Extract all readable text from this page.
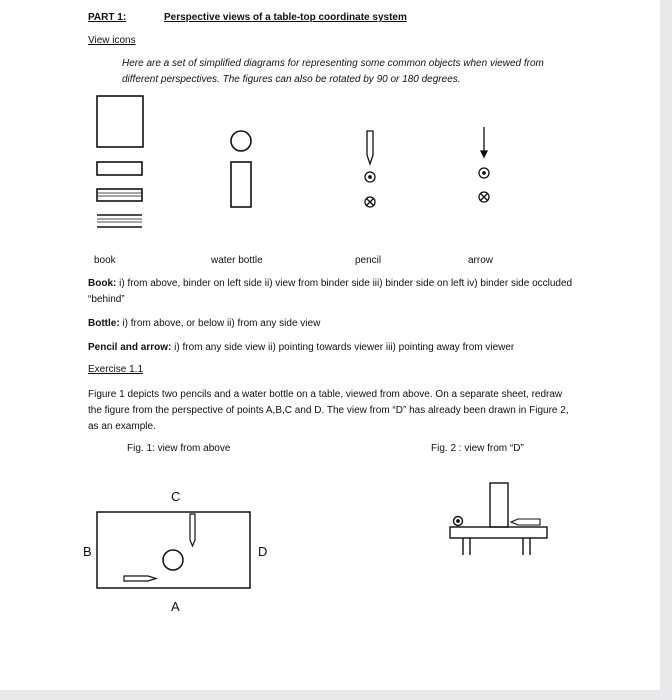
PART 1:	Perspective views of a table-top coordinate system
View icons
Here are a set of simplified diagrams for representing some common objects when viewed from different perspectives. The figures can also be rotated by 90 or 180 degrees.
book	water bottle	pencil	arrow
Book: i) from above, binder on left side ii) view from binder side iii) binder side on left iv) binder side occluded “behind”
Bottle: i) from above, or below ii) from any side view
Pencil and arrow: i) from any side view ii) pointing towards viewer iii) pointing away from viewer
Exercise 1.1
Figure 1 depicts two pencils and a water bottle on a table, viewed from above. On a separate sheet, redraw the figure from the perspective of points A,B,C and D. The view from “D” has already been drawn in Figure 2, as an example.
Fig. 1: view from above	Fig. 2 : view from “D”
C
B	D
A
